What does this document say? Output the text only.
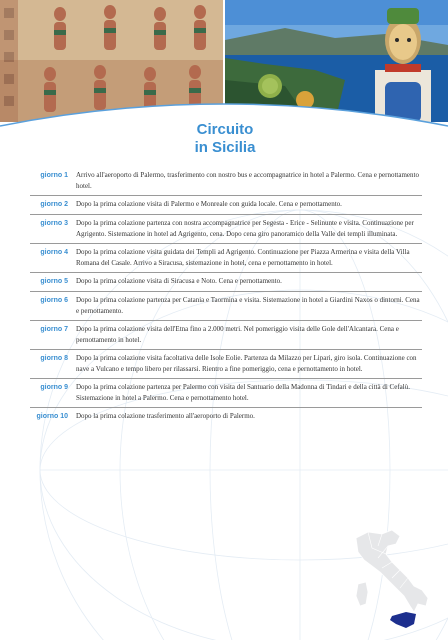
Circuito
in Sicilia
giorno 1	Arrivo all'aeroporto di Palermo, trasferimento con nostro bus e accompagnatrice in hotel a Palermo. Cena e pernottamento hotel.
giorno 2	Dopo la prima colazione visita di Palermo e Monreale con guida locale. Cena e pernottamento.
giorno 3	Dopo la prima colazione partenza con nostra accompagnatrice per Segesta - Erice - Selinunte e visita. Continuazione per Agrigento. Sistemazione in hotel ad Agrigento, cena. Dopo cena giro panoramico della Valle dei templi illuminata.
giorno 4	Dopo la prima colazione visita guidata dei Templi ad Agrigento. Continuazione per Piazza Armerina e visita della Villa Romana del Casale. Arrivo a Siracusa, sistemazione in hotel, cena e pernottamento in hotel.
giorno 5	Dopo la prima colazione visita di Siracusa e Noto. Cena e pernottamento.
giorno 6	Dopo la prima colazione partenza per Catania e Taormina e visita. Sistemazione in hotel a Giardini Naxos o dintorni. Cena e pernottamento.
giorno 7	Dopo la prima colazione visita dell'Etna fino a 2.000 metri. Nel pomeriggio visita delle Gole dell'Alcantara. Cena e pernottamento in hotel.
giorno 8	Dopo la prima colazione visita facoltativa delle Isole Eolie. Partenza da Milazzo per Lipari, giro isola. Continuazione con nave a Vulcano e tempo libero per rilassarsi. Rientro a fine pomeriggio, cena e pernottamento in hotel.
giorno 9	Dopo la prima colazione partenza per Palermo con visita del Santuario della Madonna di Tindari e della città di Cefalù. Sistemazione in hotel a Palermo. Cena e pernottamento hotel.
giorno 10	Dopo la prima colazione trasferimento all'aeroporto di Palermo.
